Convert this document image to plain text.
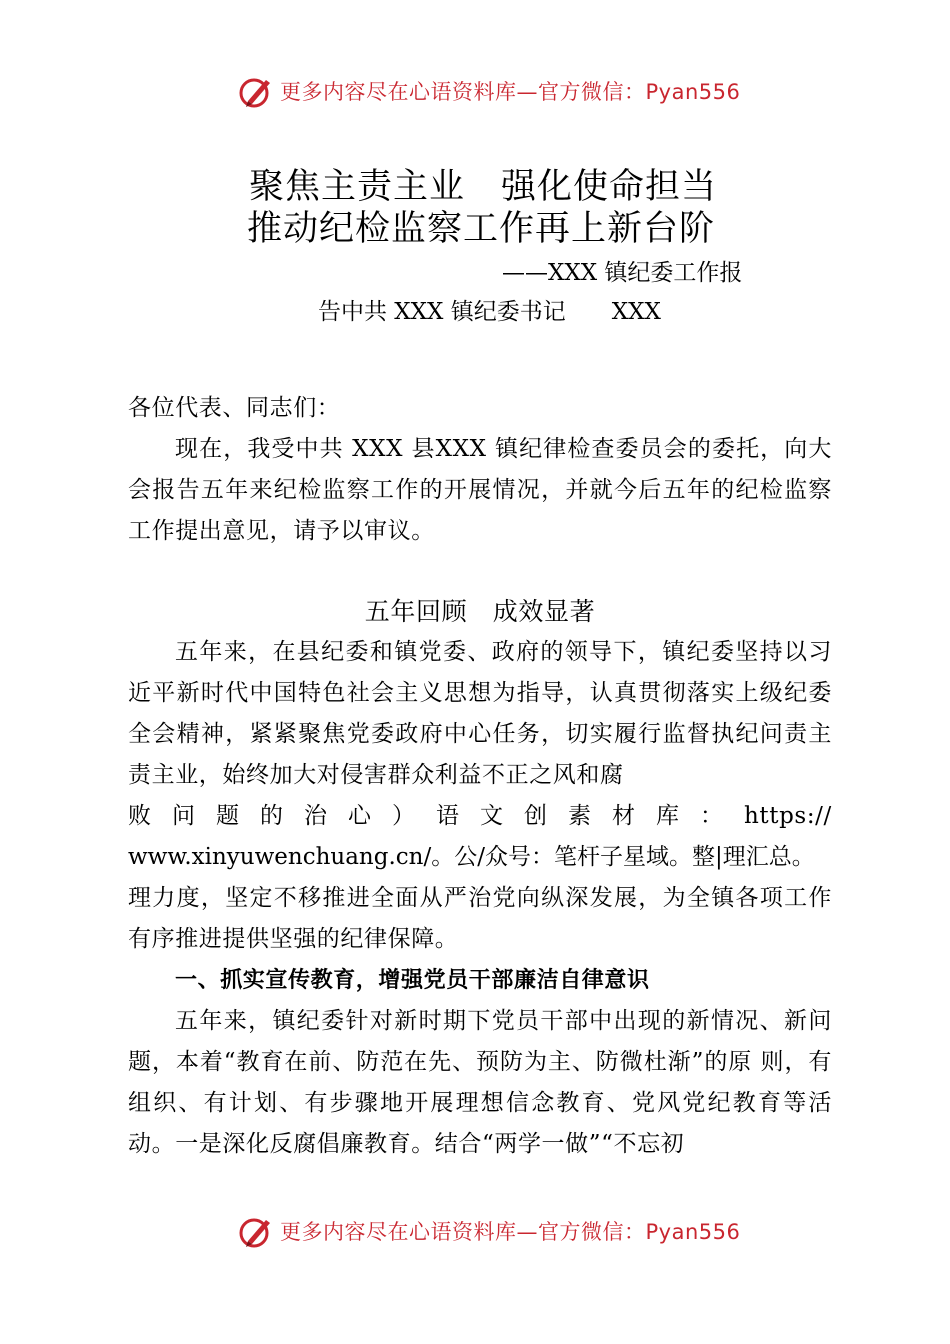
更多内容尽在心语资料库—官方微信：Pyan556
聚焦主责主业　强化使命担当
推动纪检监察工作再上新台阶
——XXX 镇纪委工作报
告中共 XXX 镇纪委书记　　XXX

各位代表、同志们：

现在，我受中共 XXX 县XXX 镇纪律检查委员会的委托，向大会报告五年来纪检监察工作的开展情况，并就今后五年的纪检监察工作提出意见，请予以审议。

五年回顾　成效显著

五年来，在县纪委和镇党委、政府的领导下，镇纪委坚持以习近平新时代中国特色社会主义思想为指导，认真贯彻落实上级纪委全会精神，紧紧聚焦党委政府中心任务，切实履行监督执纪问责主责主业，始终加大对侵害群众利益不正之风和腐

败 问 题 的 治 心 ） 语 文 创 素 材 库 ： https://

www.xinyuwenchuang.cn/。公/众号：笔杆子星域。整|理汇总。

理力度，坚定不移推进全面从严治党向纵深发展，为全镇各项工作有序推进提供坚强的纪律保障。

一、抓实宣传教育，增强党员干部廉洁自律意识

五年来，镇纪委针对新时期下党员干部中出现的新情况、新问题，本着“教育在前、防范在先、预防为主、防微杜渐”的原 则，有组织、有计划、有步骤地开展理想信念教育、党风党纪教育等活动。一是深化反腐倡廉教育。结合“两学一做”“不忘初

更多内容尽在心语资料库—官方微信：Pyan556
